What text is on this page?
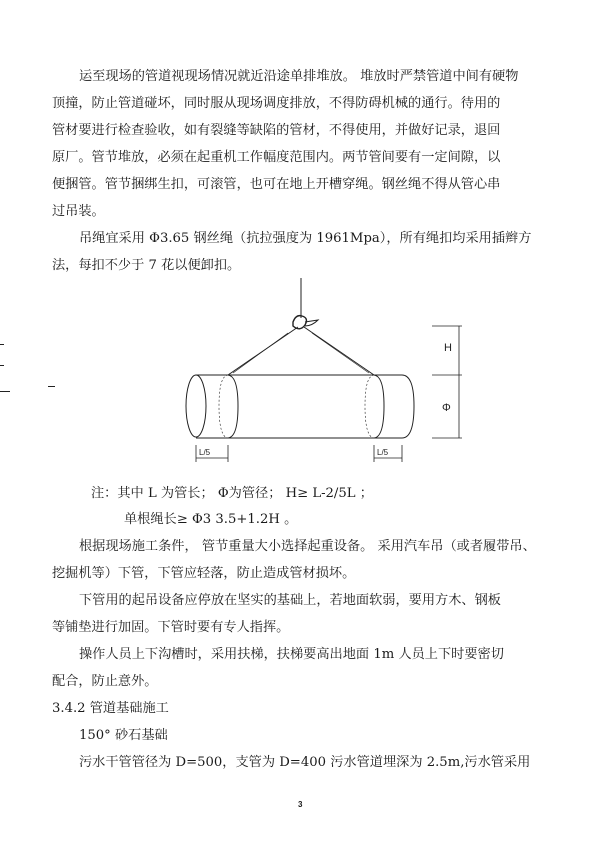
运至现场的管道视现场情况就近沿途单排堆放。 堆放时严禁管道中间有硬物
顶撞，防止管道碰坏，同时服从现场调度排放，不得防碍机械的通行。待用的
管材要进行检查验收，如有裂缝等缺陷的管材，不得使用，并做好记录，退回
原厂。管节堆放，必须在起重机工作幅度范围内。两节管间要有一定间隙，以
便捆管。管节捆绑生扣，可滚管，也可在地上开槽穿绳。钢丝绳不得从管心串
过吊装。
吊绳宜采用 Φ3.65 钢丝绳（抗拉强度为 1961Mpa），所有绳扣均采用插辫方
法，每扣不少于 7 花以便卸扣。
H
Φ
L/5	L/5
注：其中 L 为管长； Φ为管径； H≥ L-2/5L ；
单根绳长≥ Φ3 3.5+1.2H 。
根据现场施工条件， 管节重量大小选择起重设备。 采用汽车吊（或者履带吊、
挖掘机等）下管，下管应轻落，防止造成管材损坏。
下管用的起吊设备应停放在坚实的基础上，若地面软弱，要用方木、钢板
等铺垫进行加固。下管时要有专人指挥。
操作人员上下沟槽时，采用扶梯，扶梯要高出地面 1m 人员上下时要密切
配合，防止意外。
3.4.2 管道基础施工
150° 砂石基础
污水干管管径为 D=500，支管为 D=400 污水管道埋深为 2.5m,污水管采用
3
